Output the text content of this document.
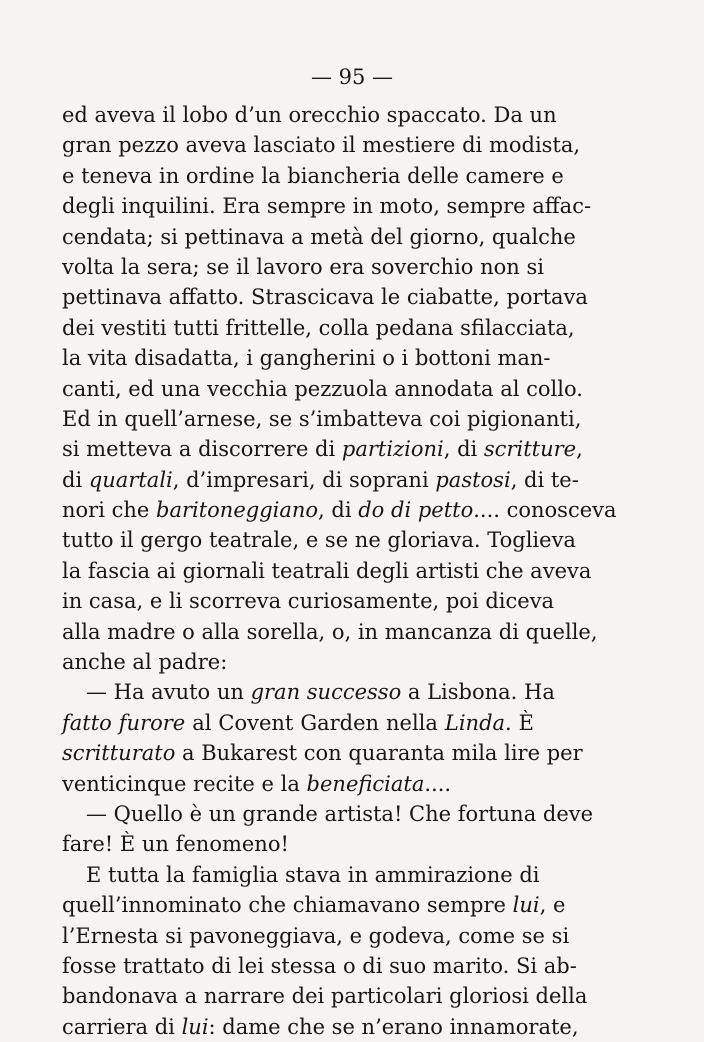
— 95 —
ed aveva il lobo d’un orecchio spaccato. Da un
gran pezzo aveva lasciato il mestiere di modista,
e teneva in ordine la biancheria delle camere e
degli inquilini. Era sempre in moto, sempre affac-
cendata; si pettinava a metà del giorno, qualche
volta la sera; se il lavoro era soverchio non si
pettinava affatto. Strascicava le ciabatte, portava
dei vestiti tutti frittelle, colla pedana sfilacciata,
la vita disadatta, i gangherini o i bottoni man-
canti, ed una vecchia pezzuola annodata al collo.
Ed in quell’arnese, se s’imbatteva coi pigionanti,
si metteva a discorrere di partizioni, di scritture,
di quartali, d’impresari, di soprani pastosi, di te-
nori che baritoneggiano, di do di petto.... conosceva
tutto il gergo teatrale, e se ne gloriava. Toglieva
la fascia ai giornali teatrali degli artisti che aveva
in casa, e li scorreva curiosamente, poi diceva
alla madre o alla sorella, o, in mancanza di quelle,
anche al padre:
— Ha avuto un gran successo a Lisbona. Ha
fatto furore al Covent Garden nella Linda. È
scritturato a Bukarest con quaranta mila lire per
venticinque recite e la beneficiata....
— Quello è un grande artista! Che fortuna deve
fare! È un fenomeno!
E tutta la famiglia stava in ammirazione di
quell’innominato che chiamavano sempre lui, e
l’Ernesta si pavoneggiava, e godeva, come se si
fosse trattato di lei stessa o di suo marito. Si ab-
bandonava a narrare dei particolari gloriosi della
carriera di lui: dame che se n’erano innamorate,
